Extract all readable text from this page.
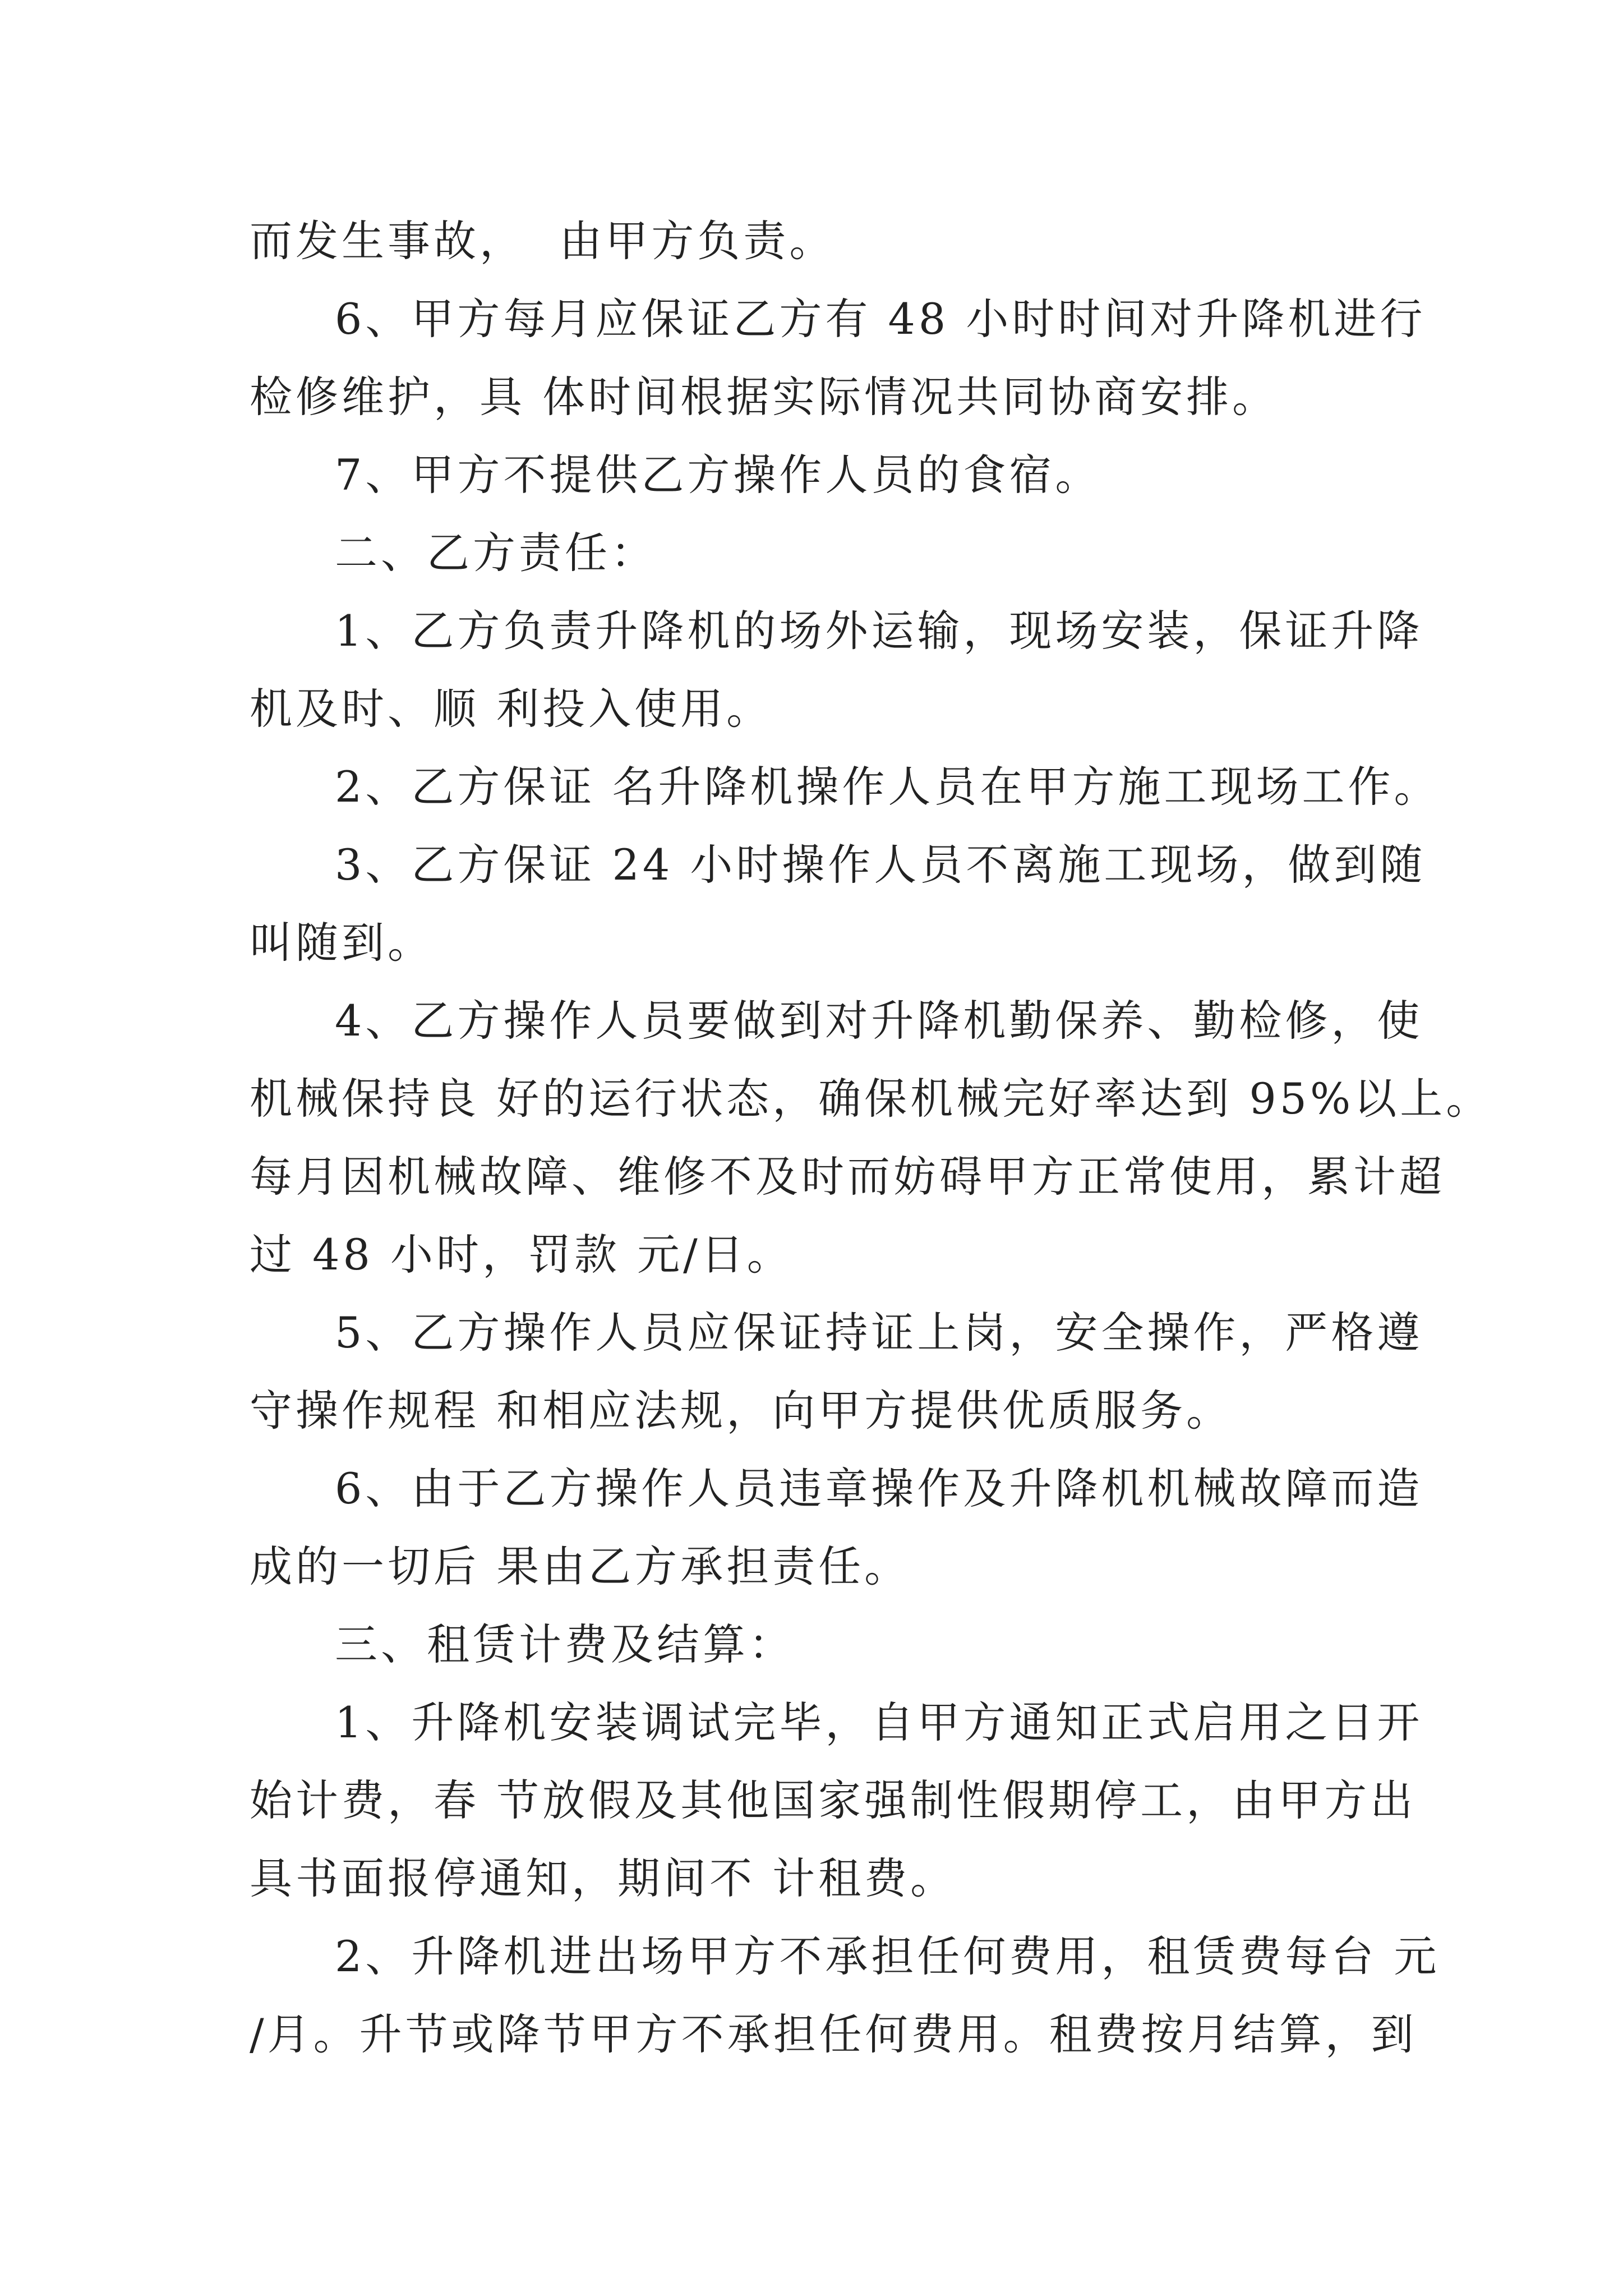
而发生事故，  由甲方负责。
6、甲方每月应保证乙方有 48 小时时间对升降机进行
检修维护，具 体时间根据实际情况共同协商安排。
7、甲方不提供乙方操作人员的食宿。
二、乙方责任：
1、乙方负责升降机的场外运输，现场安装，保证升降
机及时、顺 利投入使用。
2、乙方保证 名升降机操作人员在甲方施工现场工作。
3、乙方保证 24 小时操作人员不离施工现场，做到随
叫随到。
4、乙方操作人员要做到对升降机勤保养、勤检修，使
机械保持良 好的运行状态，确保机械完好率达到 95%以上。
每月因机械故障、维修不及时而妨碍甲方正常使用，累计超
过 48 小时，罚款 元/日。
5、乙方操作人员应保证持证上岗，安全操作，严格遵
守操作规程 和相应法规，向甲方提供优质服务。
6、由于乙方操作人员违章操作及升降机机械故障而造
成的一切后 果由乙方承担责任。
三、租赁计费及结算：
1、升降机安装调试完毕，自甲方通知正式启用之日开
始计费，春 节放假及其他国家强制性假期停工，由甲方出
具书面报停通知，期间不 计租费。
2、升降机进出场甲方不承担任何费用，租赁费每台 元
/月。升节或降节甲方不承担任何费用。租费按月结算，到
